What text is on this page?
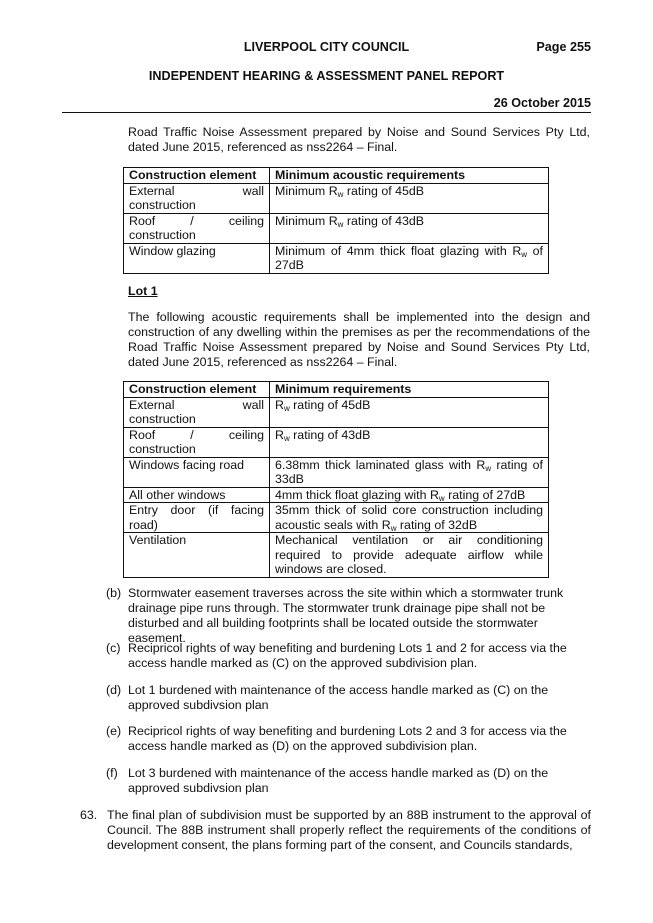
LIVERPOOL CITY COUNCIL	Page 255
INDEPENDENT HEARING & ASSESSMENT PANEL REPORT
26 October 2015

Road Traffic Noise Assessment prepared by Noise and Sound Services Pty Ltd, dated June 2015, referenced as nss2264 – Final.

Construction element	Minimum acoustic requirements

External wall
construction	Minimum $R_w$ rating of 45dB

Roof / ceiling
construction	Minimum $R_w$ rating of 43dB
Window glazing	Minimum of 4mm thick float glazing with $R_w$ of 27dB
Lot 1

The following acoustic requirements shall be implemented into the design and construction of any dwelling within the premises as per the recommendations of the Road Traffic Noise Assessment prepared by Noise and Sound Services Pty Ltd, dated June 2015, referenced as nss2264 – Final.

Construction element	Minimum requirements

External wall
construction	$R_w$ rating of 45dB

Roof / ceiling
construction	$R_w$ rating of 43dB
Windows facing road	6.38mm thick laminated glass with $R_w$ rating of 33dB
All other windows	4mm thick float glazing with $R_w$ rating of 27dB

Entry door (if facing
road)	35mm thick of solid core construction including acoustic seals with $R_w$ rating of 32dB
Ventilation	Mechanical ventilation or air conditioning required to provide adequate airflow while windows are closed.
(b) Stormwater easement traverses across the site within which a stormwater trunk drainage pipe runs through. The stormwater trunk drainage pipe shall not be disturbed and all building footprints shall be located outside the stormwater easement.
(c) Recipricol rights of way benefiting and burdening Lots 1 and 2 for access via the access handle marked as (C) on the approved subdivision plan.
(d) Lot 1 burdened with maintenance of the access handle marked as (C) on the approved subdivsion plan
(e) Recipricol rights of way benefiting and burdening Lots 2 and 3 for access via the access handle marked as (D) on the approved subdivision plan.
(f) Lot 3 burdened with maintenance of the access handle marked as (D) on the approved subdivsion plan
63. The final plan of subdivision must be supported by an 88B instrument to the approval of Council. The 88B instrument shall properly reflect the requirements of the conditions of development consent, the plans forming part of the consent, and Councils standards,
